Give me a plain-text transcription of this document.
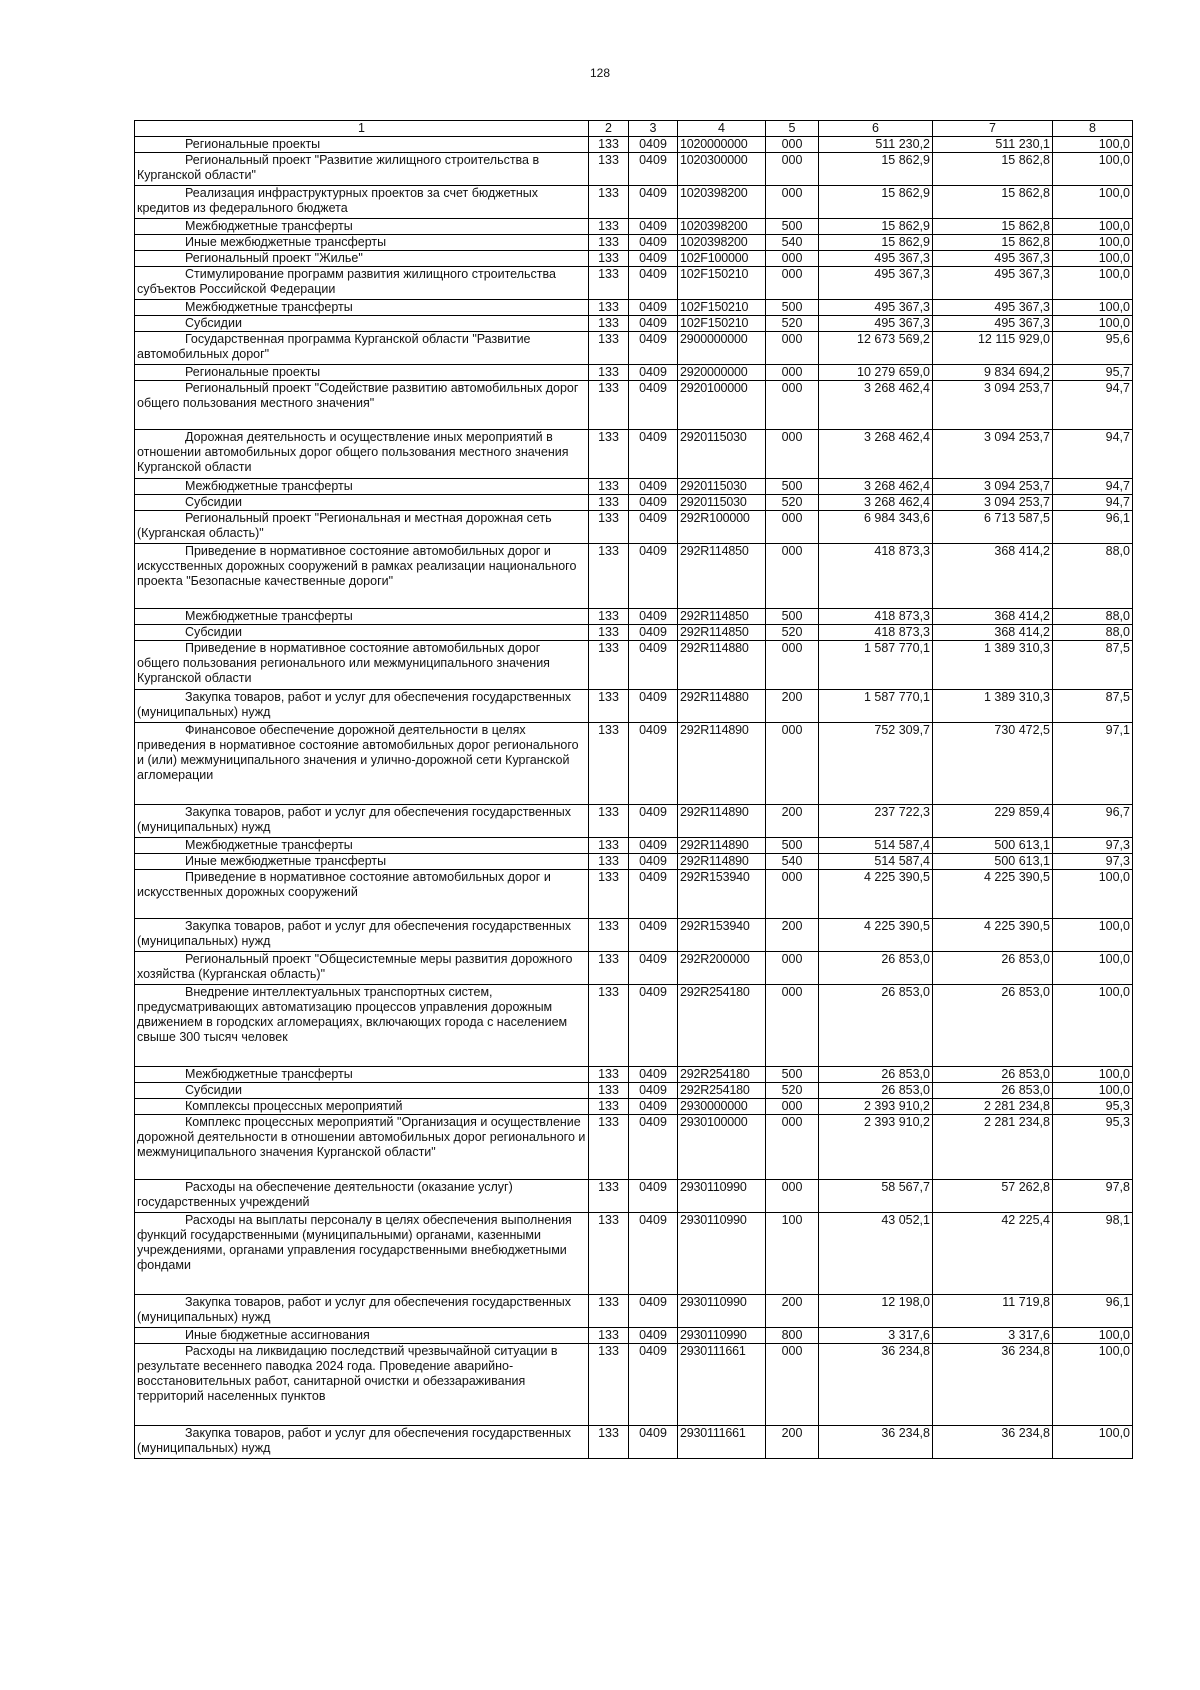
128
1	2	3	4	5	6	7	8
Региональные проекты	133	0409	1020000000	000	511 230,2	511 230,1	100,0
Региональный проект "Развитие жилищного строительства в Курганской области"	133	0409	1020300000	000	15 862,9	15 862,8	100,0
Реализация инфраструктурных проектов за счет бюджетных кредитов из федерального бюджета	133	0409	1020398200	000	15 862,9	15 862,8	100,0
Межбюджетные трансферты	133	0409	1020398200	500	15 862,9	15 862,8	100,0
Иные межбюджетные трансферты	133	0409	1020398200	540	15 862,9	15 862,8	100,0
Региональный проект "Жилье"	133	0409	102F100000	000	495 367,3	495 367,3	100,0
Стимулирование программ развития жилищного строительства субъектов Российской Федерации	133	0409	102F150210	000	495 367,3	495 367,3	100,0
Межбюджетные трансферты	133	0409	102F150210	500	495 367,3	495 367,3	100,0
Субсидии	133	0409	102F150210	520	495 367,3	495 367,3	100,0
Государственная программа Курганской области "Развитие автомобильных дорог"	133	0409	2900000000	000	12 673 569,2	12 115 929,0	95,6
Региональные проекты	133	0409	2920000000	000	10 279 659,0	9 834 694,2	95,7
Региональный проект "Содействие развитию автомобильных дорог общего пользования местного значения"	133	0409	2920100000	000	3 268 462,4	3 094 253,7	94,7
Дорожная деятельность и осуществление иных мероприятий в отношении автомобильных дорог общего пользования местного значения Курганской области	133	0409	2920115030	000	3 268 462,4	3 094 253,7	94,7
Межбюджетные трансферты	133	0409	2920115030	500	3 268 462,4	3 094 253,7	94,7
Субсидии	133	0409	2920115030	520	3 268 462,4	3 094 253,7	94,7
Региональный проект "Региональная и местная дорожная сеть (Курганская область)"	133	0409	292R100000	000	6 984 343,6	6 713 587,5	96,1
Приведение в нормативное состояние автомобильных дорог и искусственных дорожных сооружений в рамках реализации национального проекта "Безопасные качественные дороги"	133	0409	292R114850	000	418 873,3	368 414,2	88,0
Межбюджетные трансферты	133	0409	292R114850	500	418 873,3	368 414,2	88,0
Субсидии	133	0409	292R114850	520	418 873,3	368 414,2	88,0
Приведение в нормативное состояние автомобильных дорог общего пользования регионального или межмуниципального значения Курганской области	133	0409	292R114880	000	1 587 770,1	1 389 310,3	87,5
Закупка товаров, работ и услуг для обеспечения государственных (муниципальных) нужд	133	0409	292R114880	200	1 587 770,1	1 389 310,3	87,5
Финансовое обеспечение дорожной деятельности в целях приведения в нормативное состояние автомобильных дорог регионального и (или) межмуниципального значения и улично-дорожной сети Курганской агломерации	133	0409	292R114890	000	752 309,7	730 472,5	97,1
Закупка товаров, работ и услуг для обеспечения государственных (муниципальных) нужд	133	0409	292R114890	200	237 722,3	229 859,4	96,7
Межбюджетные трансферты	133	0409	292R114890	500	514 587,4	500 613,1	97,3
Иные межбюджетные трансферты	133	0409	292R114890	540	514 587,4	500 613,1	97,3
Приведение в нормативное состояние автомобильных дорог и искусственных дорожных сооружений	133	0409	292R153940	000	4 225 390,5	4 225 390,5	100,0
Закупка товаров, работ и услуг для обеспечения государственных (муниципальных) нужд	133	0409	292R153940	200	4 225 390,5	4 225 390,5	100,0
Региональный проект "Общесистемные меры развития дорожного хозяйства (Курганская область)"	133	0409	292R200000	000	26 853,0	26 853,0	100,0
Внедрение интеллектуальных транспортных систем, предусматривающих автоматизацию процессов управления дорожным движением в городских агломерациях, включающих города с населением свыше 300 тысяч человек	133	0409	292R254180	000	26 853,0	26 853,0	100,0
Межбюджетные трансферты	133	0409	292R254180	500	26 853,0	26 853,0	100,0
Субсидии	133	0409	292R254180	520	26 853,0	26 853,0	100,0
Комплексы процессных мероприятий	133	0409	2930000000	000	2 393 910,2	2 281 234,8	95,3
Комплекс процессных мероприятий "Организация и осуществление дорожной деятельности в отношении автомобильных дорог регионального и межмуниципального значения Курганской области"	133	0409	2930100000	000	2 393 910,2	2 281 234,8	95,3
Расходы на обеспечение деятельности (оказание услуг) государственных учреждений	133	0409	2930110990	000	58 567,7	57 262,8	97,8
Расходы на выплаты персоналу в целях обеспечения выполнения функций государственными (муниципальными) органами, казенными учреждениями, органами управления государственными внебюджетными фондами	133	0409	2930110990	100	43 052,1	42 225,4	98,1
Закупка товаров, работ и услуг для обеспечения государственных (муниципальных) нужд	133	0409	2930110990	200	12 198,0	11 719,8	96,1
Иные бюджетные ассигнования	133	0409	2930110990	800	3 317,6	3 317,6	100,0
Расходы на ликвидацию последствий чрезвычайной ситуации в результате весеннего паводка 2024 года. Проведение аварийно-восстановительных работ, санитарной очистки и обеззараживания территорий населенных пунктов	133	0409	2930111661	000	36 234,8	36 234,8	100,0
Закупка товаров, работ и услуг для обеспечения государственных (муниципальных) нужд	133	0409	2930111661	200	36 234,8	36 234,8	100,0
